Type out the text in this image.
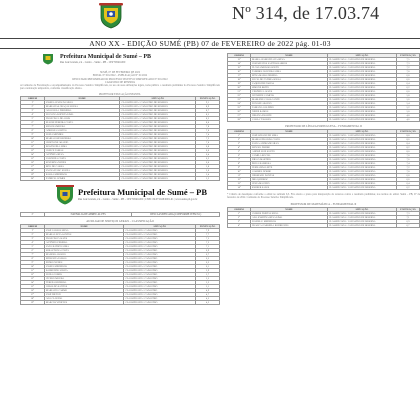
Nº 314, de 17.03.74
ANO XX - EDIÇÃO SUMÉ (PB) 07 de FEVEREIRO de 2022 pág. 01-03
Prefeitura Municipal de Sumé – PB
Rua Luiz Grande, s/n – Centro – Sumé – PB – CEP 58540-000
SUMÉ, 07 DE FEVEREIRO DE 2022
EDITAL Nº 001/2022 – PUBLICAÇÃO Nº 01/2022
RESULTADO PRELIMINAR DO PROCESSO SELETIVO SIMPLIFICADO Nº 001/2022
CADASTRO DE RESERVA
A Comissão de Fiscalização e Acompanhamento do Processo Seletivo Simplificado, no uso de suas atribuições legais, torna público o resultado preliminar do Processo Seletivo Simplificado para contratação temporária, conforme classificação abaixo.
PROFESSOR EDUCAÇÃO INFANTIL
ORDEM	NOME	SITUAÇÃO	PONTUAÇÃO
1º	JOSEFA ALVES DA SILVA	CLASSIFICADA / CADASTRO DE RESERVA	9,1
2º	MARIA DAS GRAÇAS SOUSA	CLASSIFICADA / CADASTRO DE RESERVA	8,9
3º	ANA PAULA FERREIRA	CLASSIFICADA / CADASTRO DE RESERVA	8,7
4º	LUCIANA BATISTA LIMA	CLASSIFICADA / CADASTRO DE RESERVA	8,5
5º	FRANCISCA DE ASSIS	CLASSIFICADA / CADASTRO DE RESERVA	8,3
6º	ELIANE PEREIRA COSTA	CLASSIFICADA / CADASTRO DE RESERVA	8,0
7º	SILVANA MOURA	CLASSIFICADA / CADASTRO DE RESERVA	7,8
8º	ADRIANA SANTOS	CLASSIFICADA / CADASTRO DE RESERVA	7,6
9º	LUZIA MENDES	CLASSIFICADA / CADASTRO DE RESERVA	7,4
10º	MARIA JOSÉ BEZERRA	CLASSIFICADA / CADASTRO DE RESERVA	7,2
11º	CRISTIANE ARAÚJO	CLASSIFICADA / CADASTRO DE RESERVA	7,0
12º	ROSÂNGELA LIMA	CLASSIFICADA / CADASTRO DE RESERVA	6,8
13º	GLEICE FARIAS	CLASSIFICADA / CADASTRO DE RESERVA	6,6
14º	ANTÔNIA SILVA	CLASSIFICADA / CADASTRO DE RESERVA	6,4
15º	VALDENIA COSTA	CLASSIFICADA / CADASTRO DE RESERVA	6,2
16º	SEVERINA NUNES	CLASSIFICADA / CADASTRO DE RESERVA	6,0
17º	RITA DE CÁSSIA	CLASSIFICADA / CADASTRO DE RESERVA	5,8
18º	JOANA D'ARC SOUZA	CLASSIFICADA / CADASTRO DE RESERVA	5,6
19º	KARLA MEDEIROS	CLASSIFICADA / CADASTRO DE RESERVA	5,4
20º	PATRÍCIA GOMES	CLASSIFICADA / CADASTRO DE RESERVA	5,2
Prefeitura Municipal de Sumé – PB
Rua Luiz Grande, s/n – Centro – Sumé – PB – CEP 58540-000 | CNPJ: 09.073.628/0001-91 | www.sume.pb.gov.br
1º	NATHALIA DE ABREU ALVES	DESCLASSIFICADA (CONFORME ITEM 8.1)
AUXILIAR DE SERVIÇOS GERAIS – CLASSIFICAÇÃO
ORDEM	NOME	SITUAÇÃO	PONTUAÇÃO
1º	JOSÉ CARLOS SILVA	CLASSIFICADO / CADASTRO	7,9
2º	MARIA LÚCIA SANTOS	CLASSIFICADA / CADASTRO	7,7
3º	FRANCISCO ALVES	CLASSIFICADO / CADASTRO	7,5
4º	ANTÔNIO PEREIRA	CLASSIFICADO / CADASTRO	7,3
5º	JOÃO BATISTA LIMA	CLASSIFICADO / CADASTRO	7,1
6º	SEBASTIANA COSTA	CLASSIFICADA / CADASTRO	6,9
7º	MANOEL ARAÚJO	CLASSIFICADO / CADASTRO	6,7
8º	EDILEUZA FARIAS	CLASSIFICADA / CADASTRO	6,5
9º	PEDRO NUNES	CLASSIFICADO / CADASTRO	6,3
10º	JOSEFA MEDEIROS	CLASSIFICADA / CADASTRO	6,1
11º	RAIMUNDO SOUZA	CLASSIFICADO / CADASTRO	5,9
12º	LUIZA GOMES	CLASSIFICADA / CADASTRO	5,7
13º	CÍCERO MOURA	CLASSIFICADO / CADASTRO	5,5
14º	TEREZA BEZERRA	CLASSIFICADA / CADASTRO	5,3
15º	GERALDO SANTOS	CLASSIFICADO / CADASTRO	5,1
16º	MARIA DO CARMO	CLASSIFICADA / CADASTRO	4,9
17º	JOSÉ NILTON	CLASSIFICADO / CADASTRO	4,7
18º	ANA CLÁUDIA	CLASSIFICADA / CADASTRO	4,5
19º	MARCOS VINÍCIUS	CLASSIFICADO / CADASTRO	4,3
ORDEM	NOME	SITUAÇÃO	PONTUAÇÃO
13º	MARIA APARECIDA DA SILVA	CLASSIFICADA / CADASTRO DE RESERVA	7,5
14º	JOSIANE DOS SANTOS BARROS	CLASSIFICADA / CADASTRO DE RESERVA	7,3
15º	FLÁVIA MORAIS SOUTO	CLASSIFICADA / CADASTRO DE RESERVA	7,2
16º	TAMIRES OLIVEIRA LIMA	CLASSIFICADA / CADASTRO DE RESERVA	7,0
17º	EDNA MARIA PEREIRA	CLASSIFICADA / CADASTRO DE RESERVA	6,8
18º	LÚCIA DE FÁTIMA SOUSA	CLASSIFICADA / CADASTRO DE RESERVA	6,6
19º	JAQUELINE FARIAS	CLASSIFICADA / CADASTRO DE RESERVA	6,4
20º	SIMONE BRITO	CLASSIFICADA / CADASTRO DE RESERVA	6,2
21º	VERÔNICA ALVES	CLASSIFICADA / CADASTRO DE RESERVA	6,0
22º	IVONEIDE CAMPOS	CLASSIFICADA / CADASTRO DE RESERVA	5,8
23º	MARLENE CAVALCANTE	CLASSIFICADA / CADASTRO DE RESERVA	5,6
24º	DAYANE ARAÚJO	CLASSIFICADA / CADASTRO DE RESERVA	5,4
25º	FABIANA GALDINO	CLASSIFICADA / CADASTRO DE RESERVA	5,2
26º	NEIDE RAMOS	CLASSIFICADA / CADASTRO DE RESERVA	5,0
27º	HELENA DUARTE	CLASSIFICADA / CADASTRO DE RESERVA	4,8
28º	CARLA TAVARES	CLASSIFICADA / CADASTRO DE RESERVA	4,6
PROFESSOR DE LÍNGUA PORTUGUESA – FUNDAMENTAL II
ORDEM	NOME	SITUAÇÃO	PONTUAÇÃO
1º	JOSÉ WILSON DE LIMA	CLASSIFICADO / CADASTRO DE RESERVA	8,8
2º	MARIA EDUARDA COSTA	CLASSIFICADA / CADASTRO DE RESERVA	8,6
3º	PAULA ANDRADE SILVA	CLASSIFICADA / CADASTRO DE RESERVA	8,4
4º	RENATA FREIRE	CLASSIFICADA / CADASTRO DE RESERVA	8,2
5º	ANDRÉ LUIZ SOUTO	CLASSIFICADO / CADASTRO DE RESERVA	8,0
6º	CAMILA ROCHA	CLASSIFICADA / CADASTRO DE RESERVA	7,8
7º	DIEGO MARTINS	CLASSIFICADO / CADASTRO DE RESERVA	7,6
8º	ÉRICA BARBOSA	CLASSIFICADA / CADASTRO DE RESERVA	7,4
9º	FERNANDA LEITE	CLASSIFICADA / CADASTRO DE RESERVA	7,2
10º	GABRIEL NOBRE	CLASSIFICADO / CADASTRO DE RESERVA	7,0
11º	HERMANO DANTAS	CLASSIFICADO / CADASTRO DE RESERVA	6,8
12º	ÍRIS QUEIROZ	CLASSIFICADA / CADASTRO DE RESERVA	6,6
13º	JÚLIA MACEDO	CLASSIFICADA / CADASTRO DE RESERVA	6,4
14º	KLEBER SALES	CLASSIFICADO / CADASTRO DE RESERVA	6,2
* Critério de desempate conforme o edital no subitem 6.3. Fica aberto o prazo para interposição de recursos contra o resultado preliminar, nos termos do edital. Sumé – PB, 07 de fevereiro de 2022. Comissão do Processo Seletivo Simplificado.
PROFESSOR DE MATEMÁTICA – FUNDAMENTAL II
ORDEM	NOME	SITUAÇÃO	PONTUAÇÃO
1º	CLEBER FREITAS SILVA	CLASSIFICADO / CADASTRO DE RESERVA	7,3
2º	ANA JOSEFINA SILVA LIMA	CLASSIFICADA / CADASTRO DE RESERVA	7,1
3º	DANIEL P. MEDEIROS	CLASSIFICADO / CADASTRO DE RESERVA	6,9
4º	FRANCA GABRIELA RODRIGUES	CLASSIFICADA / CADASTRO DE RESERVA	6,7
